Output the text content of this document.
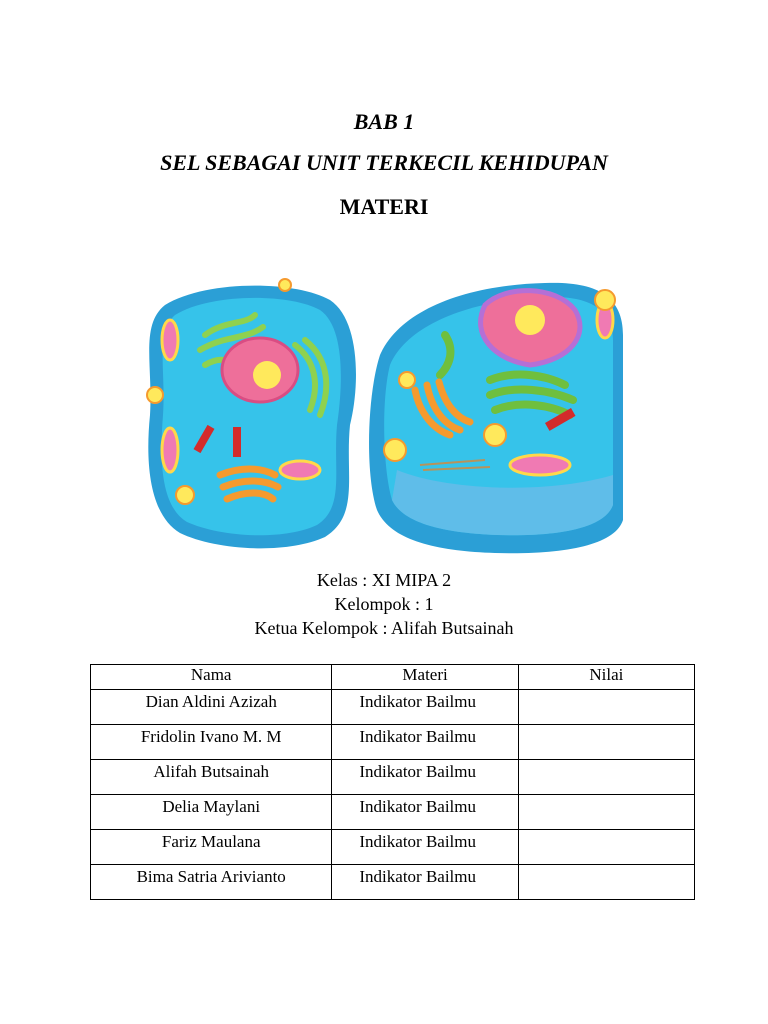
BAB 1
SEL SEBAGAI UNIT TERKECIL KEHIDUPAN
MATERI
Kelas : XI MIPA 2
Kelompok : 1
Ketua Kelompok : Alifah Butsainah
Nama	Materi	Nilai
Dian Aldini Azizah	Indikator Bailmu	
Fridolin Ivano M. M	Indikator Bailmu	
Alifah Butsainah	Indikator Bailmu	
Delia Maylani	Indikator Bailmu	
Fariz Maulana	Indikator Bailmu	
Bima Satria Arivianto	Indikator Bailmu	
